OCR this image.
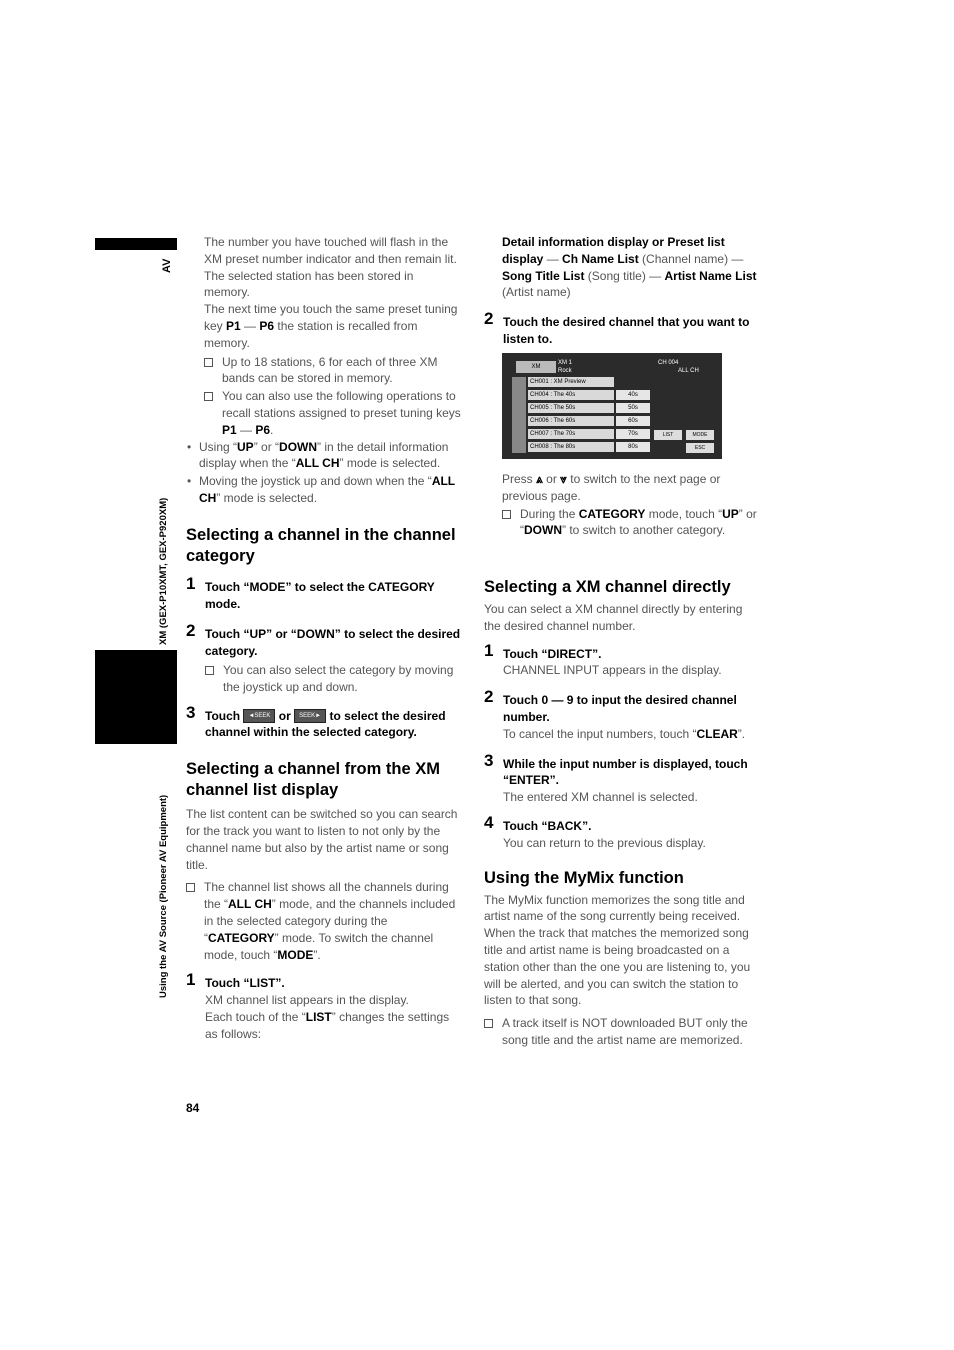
AV
XM (GEX-P10XMT, GEX-P920XM)
Chapter 7
Using the AV Source (Pioneer AV Equipment)

The number you have touched will flash in the XM preset number indicator and then remain lit. The selected station has been stored in memory.

The next time you touch the same preset tuning key P1 — P6 the station is recalled from memory.

Up to 18 stations, 6 for each of three XM bands can be stored in memory.
You can also use the following operations to recall stations assigned to preset tuning keys P1 — P6.
• Using “UP” or “DOWN” in the detail information display when the “ALL CH” mode is selected.
• Moving the joystick up and down when the “ALL CH” mode is selected.
Selecting a channel in the channel category
1 Touch “MODE” to select the CATEGORY mode.
2 Touch “UP” or “DOWN” to select the desired category.
You can also select the category by moving the joystick up and down.
3 Touch ◄SEEK or SEEK► to select the desired channel within the selected category.
Selecting a channel from the XM channel list display

The list content can be switched so you can search for the track you want to listen to not only by the channel name but also by the artist name or song title.

The channel list shows all the channels during the “ALL CH” mode, and the channels included in the selected category during the “CATEGORY” mode. To switch the channel mode, touch “MODE”.
1 Touch “LIST”.

XM channel list appears in the display.

Each touch of the “LIST” changes the settings as follows:

Detail information display or Preset list display — Ch Name List (Channel name) — Song Title List (Song title) — Artist Name List (Artist name)

2 Touch the desired channel that you want to listen to.
XM
XM 1
Rock
CH 004
ALL CH
CH001 : XM Preview
CH004 : The 40s
CH005 : The 50s
CH006 : The 60s
CH007 : The 70s
CH008 : The 80s
40s
50s
60s
70s
80s
LIST	MODE
ESC

Press ⩓ or ⩔ to switch to the next page or previous page.

During the CATEGORY mode, touch “UP” or “DOWN” to switch to another category.
Selecting a XM channel directly

You can select a XM channel directly by entering the desired channel number.

1 Touch “DIRECT”.

CHANNEL INPUT appears in the display.

2 Touch 0 — 9 to input the desired channel number.

To cancel the input numbers, touch “CLEAR”.

3 While the input number is displayed, touch “ENTER”.

The entered XM channel is selected.

4 Touch “BACK”.

You can return to the previous display.

Using the MyMix function

The MyMix function memorizes the song title and artist name of the song currently being received. When the track that matches the memorized song title and artist name is being broadcasted on a station other than the one you are listening to, you will be alerted, and you can switch the station to listen to that song.

A track itself is NOT downloaded BUT only the song title and the artist name are memorized.
84
